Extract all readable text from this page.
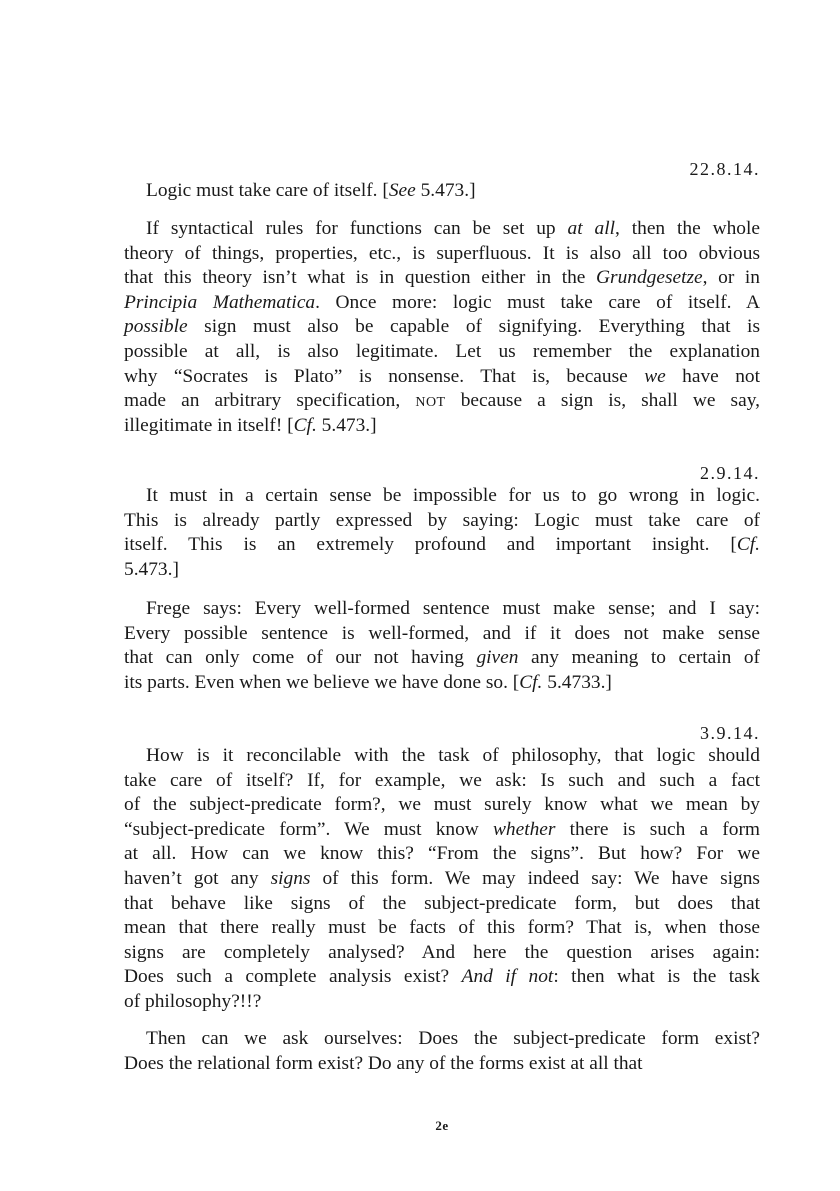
22.8.14.
Logic must take care of itself. [See 5.473.]
If syntactical rules for functions can be set up at all, then the whole
theory of things, properties, etc., is superfluous. It is also all too obvious
that this theory isn’t what is in question either in the Grundgesetze, or in
Principia Mathematica. Once more: logic must take care of itself. A
possible sign must also be capable of signifying. Everything that is
possible at all, is also legitimate. Let us remember the explanation
why “Socrates is Plato” is nonsense. That is, because we have not
made an arbitrary specification, not because a sign is, shall we say,
illegitimate in itself! [Cf. 5.473.]
2.9.14.
It must in a certain sense be impossible for us to go wrong in logic.
This is already partly expressed by saying: Logic must take care of
itself. This is an extremely profound and important insight. [Cf.
5.473.]
Frege says: Every well-formed sentence must make sense; and I say:
Every possible sentence is well-formed, and if it does not make sense
that can only come of our not having given any meaning to certain of
its parts. Even when we believe we have done so. [Cf. 5.4733.]
3.9.14.
How is it reconcilable with the task of philosophy, that logic should
take care of itself? If, for example, we ask: Is such and such a fact
of the subject-predicate form?, we must surely know what we mean by
“subject-predicate form”. We must know whether there is such a form
at all. How can we know this? “From the signs”. But how? For we
haven’t got any signs of this form. We may indeed say: We have signs
that behave like signs of the subject-predicate form, but does that
mean that there really must be facts of this form? That is, when those
signs are completely analysed? And here the question arises again:
Does such a complete analysis exist? And if not: then what is the task
of philosophy?!!?
Then can we ask ourselves: Does the subject-predicate form exist?
Does the relational form exist? Do any of the forms exist at all that
2e
